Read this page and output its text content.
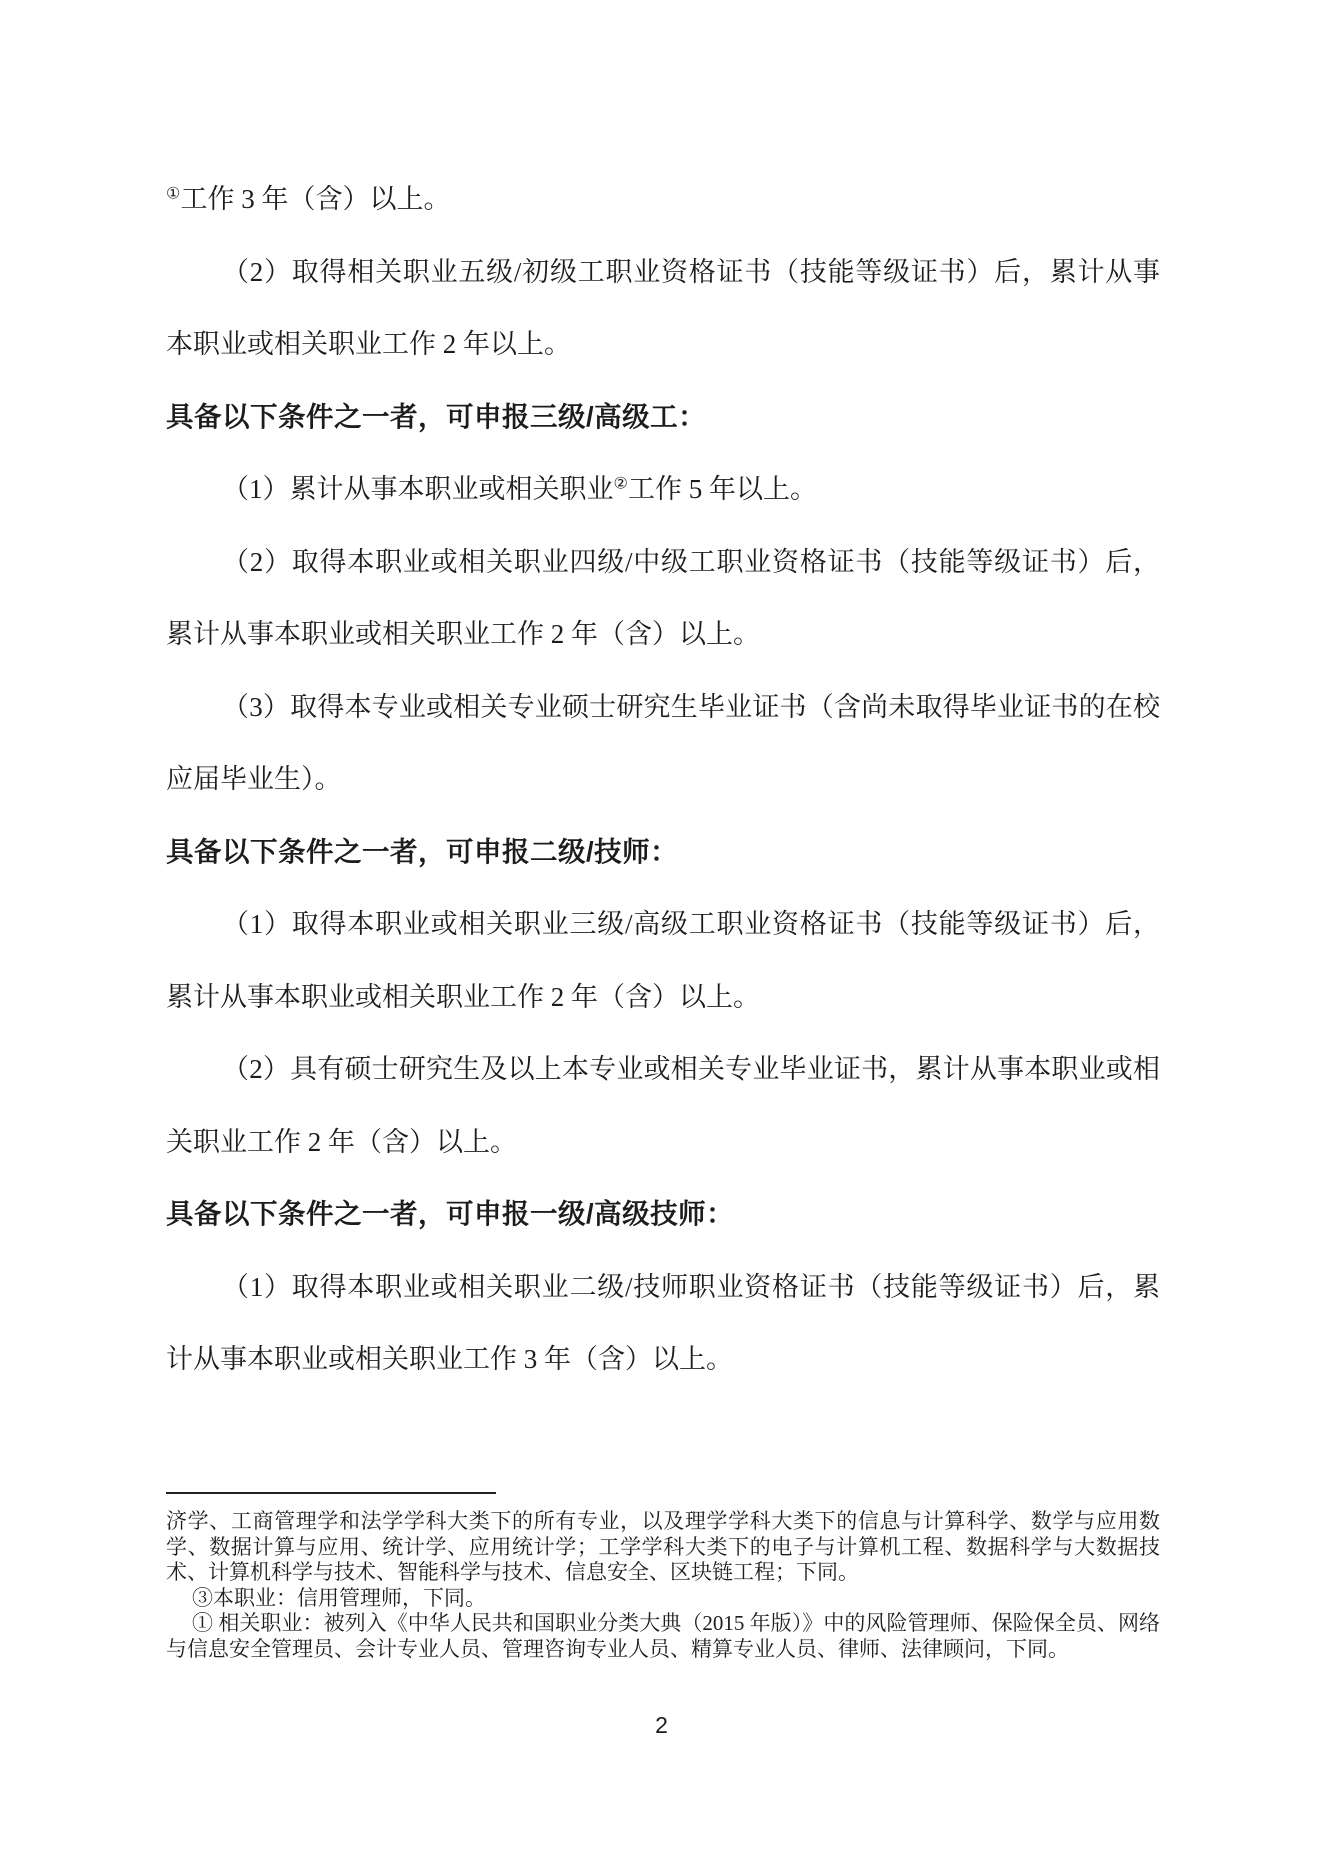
①工作 3 年（含）以上。

（2）取得相关职业五级/初级工职业资格证书（技能等级证书）后，累计从事本职业或相关职业工作 2 年以上。

具备以下条件之一者，可申报三级/高级工：

（1）累计从事本职业或相关职业②工作 5 年以上。

（2）取得本职业或相关职业四级/中级工职业资格证书（技能等级证书）后，累计从事本职业或相关职业工作 2 年（含）以上。

（3）取得本专业或相关专业硕士研究生毕业证书（含尚未取得毕业证书的在校应届毕业生）。

具备以下条件之一者，可申报二级/技师：

（1）取得本职业或相关职业三级/高级工职业资格证书（技能等级证书）后，累计从事本职业或相关职业工作 2 年（含）以上。

（2）具有硕士研究生及以上本专业或相关专业毕业证书，累计从事本职业或相关职业工作 2 年（含）以上。

具备以下条件之一者，可申报一级/高级技师：

（1）取得本职业或相关职业二级/技师职业资格证书（技能等级证书）后，累计从事本职业或相关职业工作 3 年（含）以上。

济学、工商管理学和法学学科大类下的所有专业，以及理学学科大类下的信息与计算科学、数学与应用数学、数据计算与应用、统计学、应用统计学；工学学科大类下的电子与计算机工程、数据科学与大数据技术、计算机科学与技术、智能科学与技术、信息安全、区块链工程；下同。

③本职业：信用管理师，下同。

① 相关职业：被列入《中华人民共和国职业分类大典（2015 年版）》中的风险管理师、保险保全员、网络与信息安全管理员、会计专业人员、管理咨询专业人员、精算专业人员、律师、法律顾问，下同。

2
